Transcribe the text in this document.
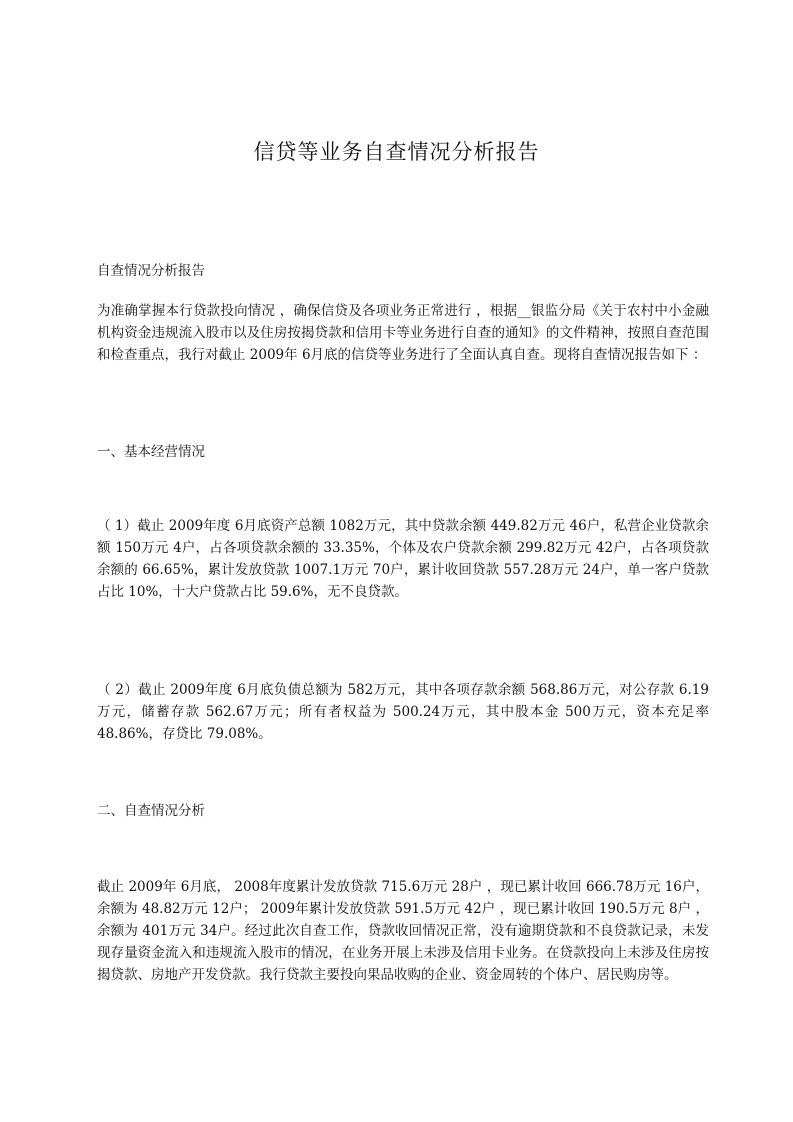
信贷等业务自查情况分析报告

自查情况分析报告

为准确掌握本行贷款投向情况 ，确保信贷及各项业务正常进行 ，根据__银监分局《关于农村中小金融机构资金违规流入股市以及住房按揭贷款和信用卡等业务进行自查的通知》的文件精神，按照自查范围和检查重点，我行对截止 2009年 6月底的信贷等业务进行了全面认真自查。现将自查情况报告如下 ：

一、基本经营情况

（ 1）截止 2009年度 6月底资产总额 1082万元，其中贷款余额 449.82万元 46户，私营企业贷款余额 150万元 4户，占各项贷款余额的 33.35%，个体及农户贷款余额 299.82万元 42户，占各项贷款余额的 66.65%，累计发放贷款 1007.1万元 70户，累计收回贷款 557.28万元 24户，单一客户贷款占比 10%，十大户贷款占比 59.6%，无不良贷款。

（ 2）截止 2009年度 6月底负债总额为 582万元，其中各项存款余额 568.86万元，对公存款 6.19万元，储蓄存款 562.67万元；所有者权益为 500.24万元，其中股本金 500万元，资本充足率 48.86%，存贷比 79.08%。

二、自查情况分析

截止 2009年 6月底， 2008年度累计发放贷款 715.6万元 28户 ，现已累计收回 666.78万元 16户，余额为 48.82万元 12户； 2009年累计发放贷款 591.5万元 42户 ，现已累计收回 190.5万元 8户 ，余额为 401万元 34户。经过此次自查工作，贷款收回情况正常，没有逾期贷款和不良贷款记录，未发现存量资金流入和违规流入股市的情况，在业务开展上未涉及信用卡业务。在贷款投向上未涉及住房按揭贷款、房地产开发贷款。我行贷款主要投向果品收购的企业、资金周转的个体户、居民购房等。
